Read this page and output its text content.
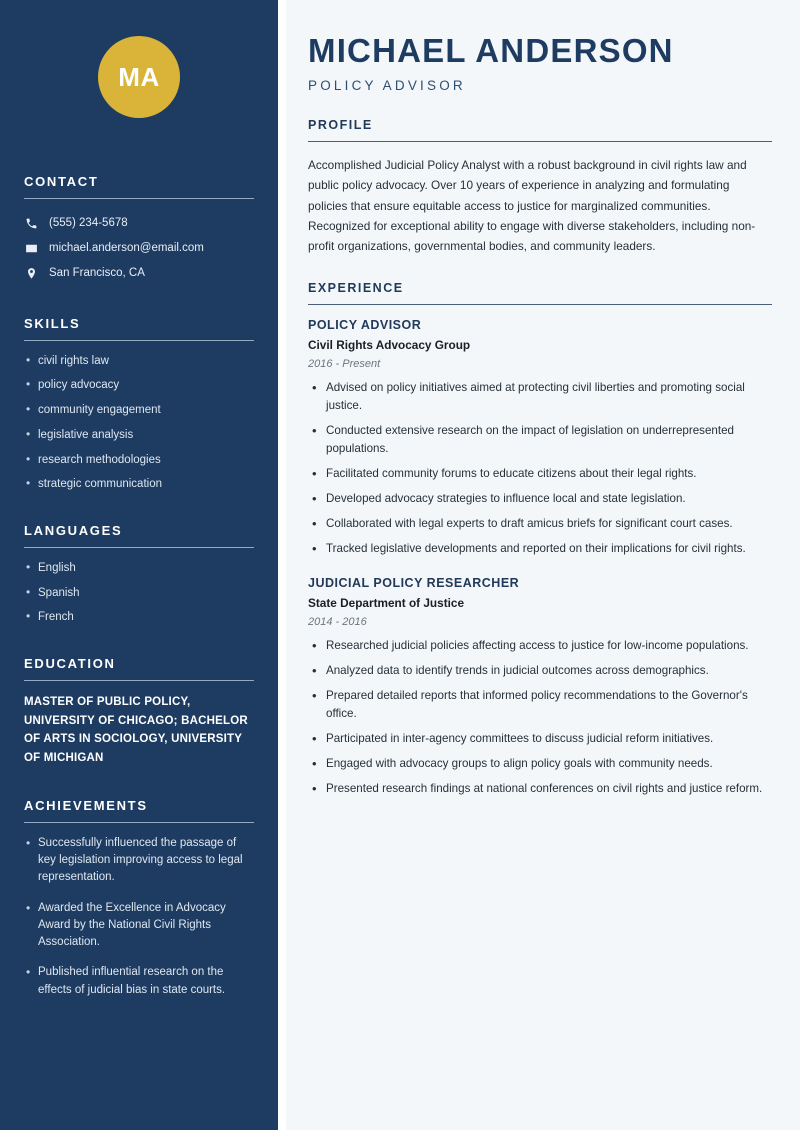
MA
CONTACT
(555) 234-5678
michael.anderson@email.com
San Francisco, CA
SKILLS
• civil rights law
• policy advocacy
• community engagement
• legislative analysis
• research methodologies
• strategic communication
LANGUAGES
• English
• Spanish
• French
EDUCATION
MASTER OF PUBLIC POLICY, UNIVERSITY OF CHICAGO; BACHELOR OF ARTS IN SOCIOLOGY, UNIVERSITY OF MICHIGAN
ACHIEVEMENTS
• Successfully influenced the passage of key legislation improving access to legal representation.
• Awarded the Excellence in Advocacy Award by the National Civil Rights Association.
• Published influential research on the effects of judicial bias in state courts.
MICHAEL ANDERSON
POLICY ADVISOR
PROFILE

Accomplished Judicial Policy Analyst with a robust background in civil rights law and public policy advocacy. Over 10 years of experience in analyzing and formulating policies that ensure equitable access to justice for marginalized communities. Recognized for exceptional ability to engage with diverse stakeholders, including non-profit organizations, governmental bodies, and community leaders.

EXPERIENCE
POLICY ADVISOR
Civil Rights Advocacy Group
2016 - Present
• Advised on policy initiatives aimed at protecting civil liberties and promoting social justice.
• Conducted extensive research on the impact of legislation on underrepresented populations.
• Facilitated community forums to educate citizens about their legal rights.
• Developed advocacy strategies to influence local and state legislation.
• Collaborated with legal experts to draft amicus briefs for significant court cases.
• Tracked legislative developments and reported on their implications for civil rights.
JUDICIAL POLICY RESEARCHER
State Department of Justice
2014 - 2016
• Researched judicial policies affecting access to justice for low-income populations.
• Analyzed data to identify trends in judicial outcomes across demographics.
• Prepared detailed reports that informed policy recommendations to the Governor's office.
• Participated in inter-agency committees to discuss judicial reform initiatives.
• Engaged with advocacy groups to align policy goals with community needs.
• Presented research findings at national conferences on civil rights and justice reform.
